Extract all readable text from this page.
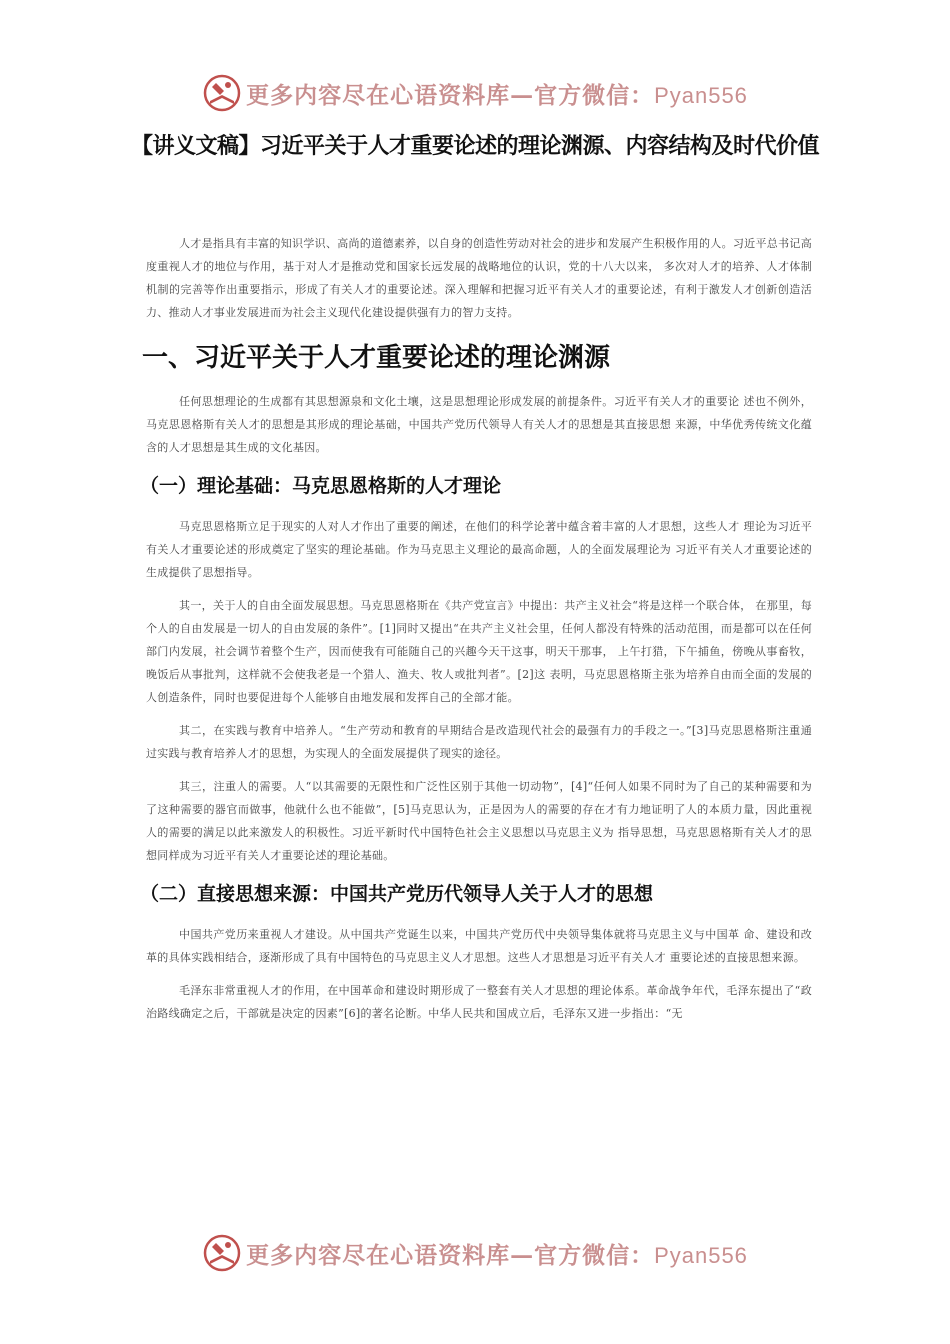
更多内容尽在心语资料库—官方微信：Pyan556
【讲义文稿】习近平关于人才重要论述的理论渊源、内容结构及时代价值

人才是指具有丰富的知识学识、高尚的道德素养，以自身的创造性劳动对社会的进步和发展产生积极作用的人。习近平总书记高度重视人才的地位与作用，基于对人才是推动党和国家长远发展的战略地位的认识，党的十八大以来， 多次对人才的培养、人才体制机制的完善等作出重要指示，形成了有关人才的重要论述。深入理解和把握习近平有关人才的重要论述，有利于激发人才创新创造活力、推动人才事业发展进而为社会主义现代化建设提供强有力的智力支持。

一、习近平关于人才重要论述的理论渊源

任何思想理论的生成都有其思想源泉和文化土壤，这是思想理论形成发展的前提条件。习近平有关人才的重要论 述也不例外，马克思恩格斯有关人才的思想是其形成的理论基础，中国共产党历代领导人有关人才的思想是其直接思想 来源，中华优秀传统文化蕴含的人才思想是其生成的文化基因。

（一）理论基础：马克思恩格斯的人才理论

马克思恩格斯立足于现实的人对人才作出了重要的阐述，在他们的科学论著中蕴含着丰富的人才思想，这些人才 理论为习近平有关人才重要论述的形成奠定了坚实的理论基础。作为马克思主义理论的最高命题，人的全面发展理论为 习近平有关人才重要论述的生成提供了思想指导。

其一，关于人的自由全面发展思想。马克思恩格斯在《共产党宣言》中提出：共产主义社会“将是这样一个联合体， 在那里，每个人的自由发展是一切人的自由发展的条件”。[1]同时又提出“在共产主义社会里，任何人都没有特殊的活动范围，而是都可以在任何部门内发展，社会调节着整个生产，因而使我有可能随自己的兴趣今天干这事，明天干那事， 上午打猎，下午捕鱼，傍晚从事畜牧，晚饭后从事批判，这样就不会使我老是一个猎人、渔夫、牧人或批判者”。[2]这 表明，马克思恩格斯主张为培养自由而全面的发展的人创造条件，同时也要促进每个人能够自由地发展和发挥自己的全部才能。

其二，在实践与教育中培养人。“生产劳动和教育的早期结合是改造现代社会的最强有力的手段之一。”[3]马克思恩格斯注重通过实践与教育培养人才的思想，为实现人的全面发展提供了现实的途径。

其三，注重人的需要。人“以其需要的无限性和广泛性区别于其他一切动物”，[4]“任何人如果不同时为了自己的某种需要和为了这种需要的器官而做事，他就什么也不能做”，[5]马克思认为，正是因为人的需要的存在才有力地证明了人的本质力量，因此重视人的需要的满足以此来激发人的积极性。习近平新时代中国特色社会主义思想以马克思主义为 指导思想，马克思恩格斯有关人才的思想同样成为习近平有关人才重要论述的理论基础。

（二）直接思想来源：中国共产党历代领导人关于人才的思想

中国共产党历来重视人才建设。从中国共产党诞生以来，中国共产党历代中央领导集体就将马克思主义与中国革 命、建设和改革的具体实践相结合，逐渐形成了具有中国特色的马克思主义人才思想。这些人才思想是习近平有关人才 重要论述的直接思想来源。

毛泽东非常重视人才的作用，在中国革命和建设时期形成了一整套有关人才思想的理论体系。革命战争年代，毛泽东提出了“政治路线确定之后，干部就是决定的因素”[6]的著名论断。中华人民共和国成立后，毛泽东又进一步指出：“无

更多内容尽在心语资料库—官方微信：Pyan556
